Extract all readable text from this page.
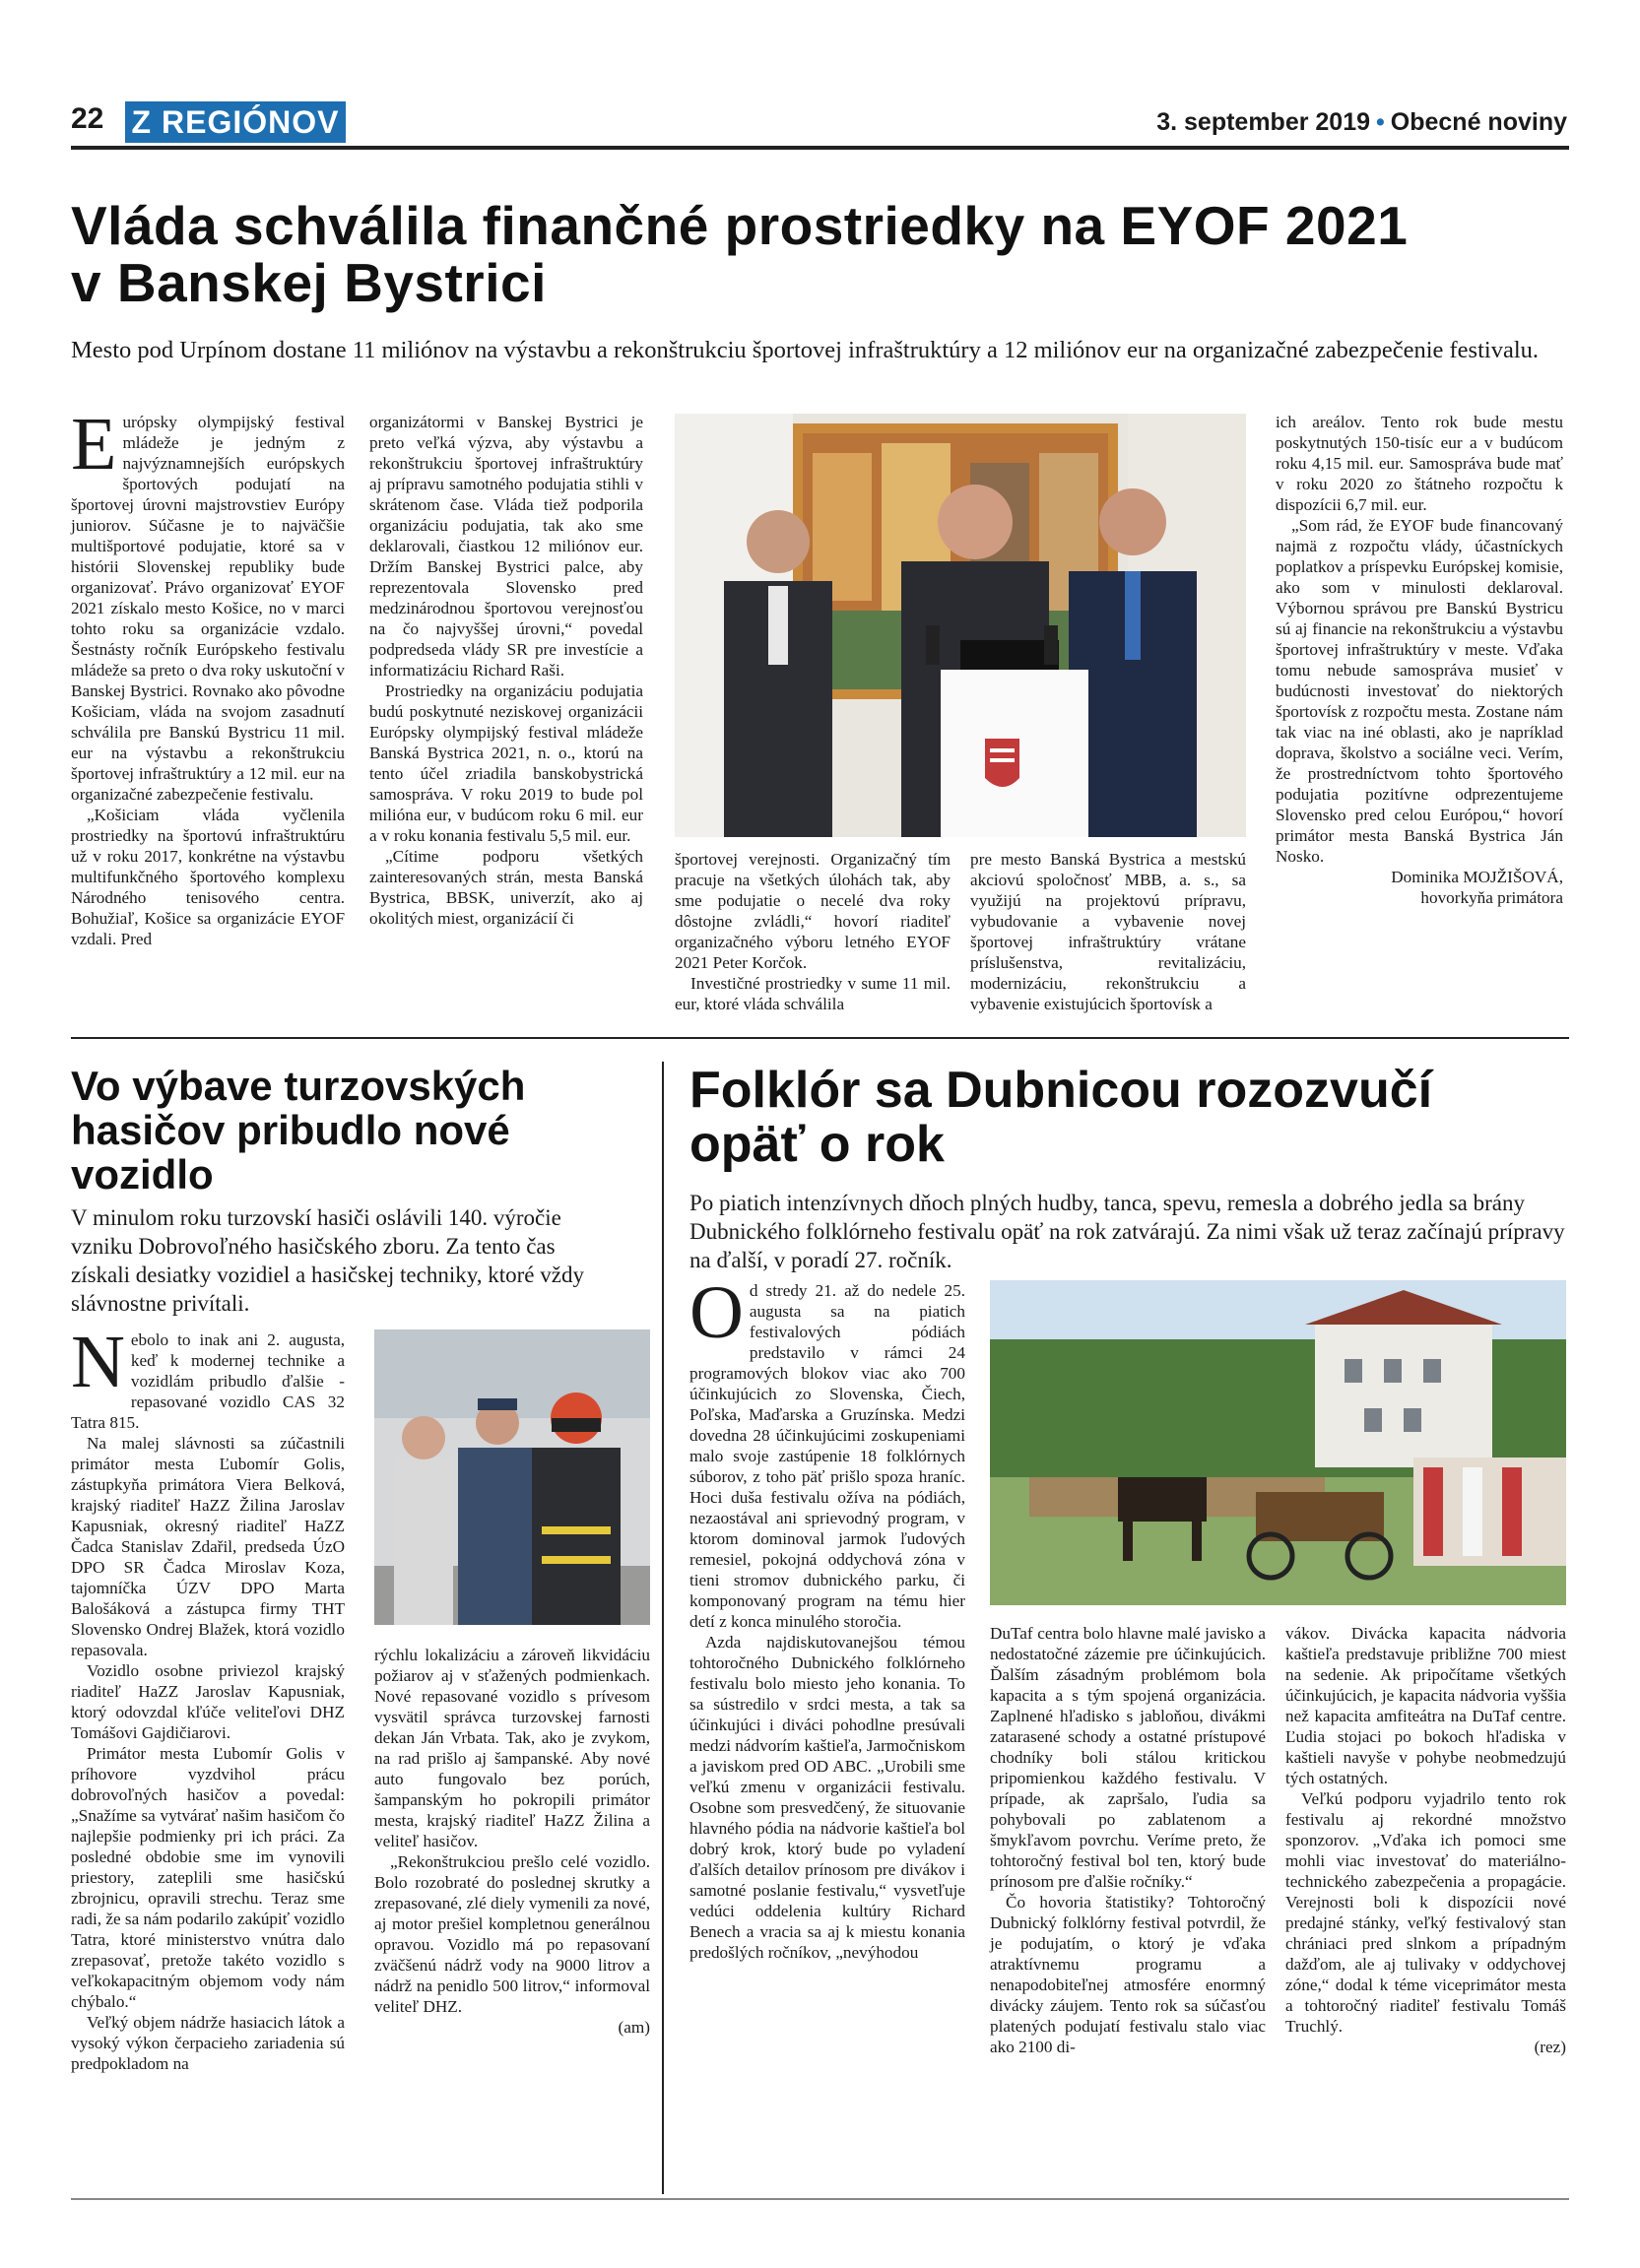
22 Z REGIÓNOV	3. september 2019 • Obecné noviny
Vláda schválila finančné prostriedky na EYOF 2021
v Banskej Bystrici
Mesto pod Urpínom dostane 11 miliónov na výstavbu a rekonštrukciu športovej infraštruktúry a 12 miliónov eur na organizačné zabezpečenie festivalu.

Európsky olympijský festival mládeže je jedným z najvýznamnejších európskych športových podujatí na športovej úrovni majstrovstiev Európy juniorov. Súčasne je to najväčšie multišportové podujatie, ktoré sa v histórii Slovenskej republiky bude organizovať. Právo organizovať EYOF 2021 získalo mesto Košice, no v marci tohto roku sa organizácie vzdalo. Šestnásty ročník Európskeho festivalu mládeže sa preto o dva roky uskutoční v Banskej Bystrici. Rovnako ako pôvodne Košiciam, vláda na svojom zasadnutí schválila pre Banskú Bystricu 11 mil. eur na výstavbu a rekonštrukciu športovej infraštruktúry a 12 mil. eur na organizačné zabezpečenie festivalu.

„Košiciam vláda vyčlenila prostriedky na športovú infraštruktúru už v roku 2017, konkrétne na výstavbu multifunkčného športového komplexu Národného tenisového centra. Bohužiaľ, Košice sa organizácie EYOF vzdali. Pred

organizátormi v Banskej Bystrici je preto veľká výzva, aby výstavbu a rekonštrukciu športovej infraštruktúry aj prípravu samotného podujatia stihli v skrátenom čase. Vláda tiež podporila organizáciu podujatia, tak ako sme deklarovali, čiastkou 12 miliónov eur. Držím Banskej Bystrici palce, aby reprezentovala Slovensko pred medzinárodnou športovou verejnosťou na čo najvyššej úrovni,“ povedal podpredseda vlády SR pre investície a informatizáciu Richard Raši.

Prostriedky na organizáciu podujatia budú poskytnuté neziskovej organizácii Európsky olympijský festival mládeže Banská Bystrica 2021, n. o., ktorú na tento účel zriadila banskobystrická samospráva. V roku 2019 to bude pol milióna eur, v budúcom roku 6 mil. eur a v roku konania festivalu 5,5 mil. eur.

„Cítime podporu všetkých zainteresovaných strán, mesta Banská Bystrica, BBSK, univerzít, ako aj okolitých miest, organizácií či

športovej verejnosti. Organizačný tím pracuje na všetkých úlohách tak, aby sme podujatie o necelé dva roky dôstojne zvládli,“ hovorí riaditeľ organizačného výboru letného EYOF 2021 Peter Korčok.

Investičné prostriedky v sume 11 mil. eur, ktoré vláda schválila

pre mesto Banská Bystrica a mestskú akciovú spoločnosť MBB, a. s., sa využijú na projektovú prípravu, vybudovanie a vybavenie novej športovej infraštruktúry vrátane príslušenstva, revitalizáciu, modernizáciu, rekonštrukciu a vybavenie existujúcich športovísk a

ich areálov. Tento rok bude mestu poskytnutých 150-tisíc eur a v budúcom roku 4,15 mil. eur. Samospráva bude mať v roku 2020 zo štátneho rozpočtu k dispozícii 6,7 mil. eur.

„Som rád, že EYOF bude financovaný najmä z rozpočtu vlády, účastníckych poplatkov a príspevku Európskej komisie, ako som v minulosti deklaroval. Výbornou správou pre Banskú Bystricu sú aj financie na rekonštrukciu a výstavbu športovej infraštruktúry v meste. Vďaka tomu nebude samospráva musieť v budúcnosti investovať do niektorých športovísk z rozpočtu mesta. Zostane nám tak viac na iné oblasti, ako je napríklad doprava, školstvo a sociálne veci. Verím, že prostredníctvom tohto športového podujatia pozitívne odprezentujeme Slovensko pred celou Európou,“ hovorí primátor mesta Banská Bystrica Ján Nosko.

Dominika MOJŽIŠOVÁ,

hovorkyňa primátora

Vo výbave turzovských hasičov pribudlo nové vozidlo
V minulom roku turzovskí hasiči oslávili 140. výročie vzniku Dobrovoľného hasičského zboru. Za tento čas získali desiatky vozidiel a hasičskej techniky, ktoré vždy slávnostne privítali.

Nebolo to inak ani 2. augusta, keď k modernej technike a vozidlám pribudlo ďalšie - repasované vozidlo CAS 32 Tatra 815.

Na malej slávnosti sa zúčastnili primátor mesta Ľubomír Golis, zástupkyňa primátora Viera Belková, krajský riaditeľ HaZZ Žilina Jaroslav Kapusniak, okresný riaditeľ HaZZ Čadca Stanislav Zdařil, predseda ÚzO DPO SR Čadca Miroslav Koza, tajomníčka ÚZV DPO Marta Balošáková a zástupca firmy THT Slovensko Ondrej Blažek, ktorá vozidlo repasovala.

Vozidlo osobne priviezol krajský riaditeľ HaZZ Jaroslav Kapusniak, ktorý odovzdal kľúče veliteľovi DHZ Tomášovi Gajdičiarovi.

Primátor mesta Ľubomír Golis v príhovore vyzdvihol prácu dobrovoľných hasičov a povedal: „Snažíme sa vytvárať našim hasičom čo najlepšie podmienky pri ich práci. Za posledné obdobie sme im vynovili priestory, zateplili sme hasičskú zbrojnicu, opravili strechu. Teraz sme radi, že sa nám podarilo zakúpiť vozidlo Tatra, ktoré ministerstvo vnútra dalo zrepasovať, pretože takéto vozidlo s veľkokapacitným objemom vody nám chýbalo.“

Veľký objem nádrže hasiacich látok a vysoký výkon čerpacieho zariadenia sú predpokladom na

rýchlu lokalizáciu a zároveň likvidáciu požiarov aj v sťažených podmienkach. Nové repasované vozidlo s prívesom vysvätil správca turzovskej farnosti dekan Ján Vrbata. Tak, ako je zvykom, na rad prišlo aj šampanské. Aby nové auto fungovalo bez porúch, šampanským ho pokropili primátor mesta, krajský riaditeľ HaZZ Žilina a veliteľ hasičov.

„Rekonštrukciou prešlo celé vozidlo. Bolo rozobraté do poslednej skrutky a zrepasované, zlé diely vymenili za nové, aj motor prešiel kompletnou generálnou opravou. Vozidlo má po repasovaní zväčšenú nádrž vody na 9000 litrov a nádrž na penidlo 500 litrov,“ informoval veliteľ DHZ.

(am)

Folklór sa Dubnicou rozozvučí opäť o rok
Po piatich intenzívnych dňoch plných hudby, tanca, spevu, remesla a dobrého jedla sa brány Dubnického folklórneho festivalu opäť na rok zatvárajú. Za nimi však už teraz začínajú prípravy na ďalší, v poradí 27. ročník.

Od stredy 21. až do nedele 25. augusta sa na piatich festivalových pódiách predstavilo v rámci 24 programových blokov viac ako 700 účinkujúcich zo Slovenska, Čiech, Poľska, Maďarska a Gruzínska. Medzi dovedna 28 účinkujúcimi zoskupeniami malo svoje zastúpenie 18 folklórnych súborov, z toho päť prišlo spoza hraníc. Hoci duša festivalu ožíva na pódiách, nezaostával ani sprievodný program, v ktorom dominoval jarmok ľudových remesiel, pokojná oddychová zóna v tieni stromov dubnického parku, či komponovaný program na tému hier detí z konca minulého storočia.

Azda najdiskutovanejšou témou tohtoročného Dubnického folklórneho festivalu bolo miesto jeho konania. To sa sústredilo v srdci mesta, a tak sa účinkujúci i diváci pohodlne presúvali medzi nádvorím kaštieľa, Jarmočniskom a javiskom pred OD ABC. „Urobili sme veľkú zmenu v organizácii festivalu. Osobne som presvedčený, že situovanie hlavného pódia na nádvorie kaštieľa bol dobrý krok, ktorý bude po vyladení ďalších detailov prínosom pre divákov i samotné poslanie festivalu,“ vysvetľuje vedúci oddelenia kultúry Richard Benech a vracia sa aj k miestu konania predošlých ročníkov, „nevýhodou

DuTaf centra bolo hlavne malé javisko a nedostatočné zázemie pre účinkujúcich. Ďalším zásadným problémom bola kapacita a s tým spojená organizácia. Zaplnené hľadisko s jabloňou, divákmi zatarasené schody a ostatné prístupové chodníky boli stálou kritickou pripomienkou každého festivalu. V prípade, ak zapršalo, ľudia sa pohybovali po zablatenom a šmykľavom povrchu. Veríme preto, že tohtoročný festival bol ten, ktorý bude prínosom pre ďalšie ročníky.“

Čo hovoria štatistiky? Tohtoročný Dubnický folklórny festival potvrdil, že je podujatím, o ktorý je vďaka atraktívnemu programu a nenapodobiteľnej atmosfére enormný divácky záujem. Tento rok sa súčasťou platených podujatí festivalu stalo viac ako 2100 di-

vákov. Divácka kapacita nádvoria kaštieľa predstavuje približne 700 miest na sedenie. Ak pripočítame všetkých účinkujúcich, je kapacita nádvoria vyššia než kapacita amfiteátra na DuTaf centre. Ľudia stojaci po bokoch hľadiska v kaštieli navyše v pohybe neobmedzujú tých ostatných.

Veľkú podporu vyjadrilo tento rok festivalu aj rekordné množstvo sponzorov. „Vďaka ich pomoci sme mohli viac investovať do materiálno-technického zabezpečenia a propagácie. Verejnosti boli k dispozícii nové predajné stánky, veľký festivalový stan chrániaci pred slnkom a prípadným dažďom, ale aj tulivaky v oddychovej zóne,“ dodal k téme viceprimátor mesta a tohtoročný riaditeľ festivalu Tomáš Truchlý.

(rez)
